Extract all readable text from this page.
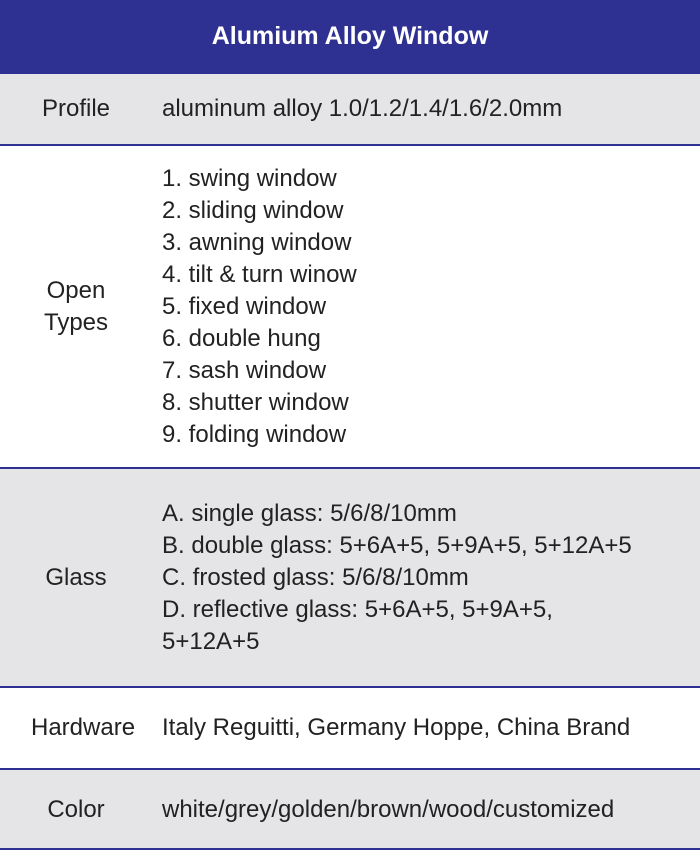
Alumium Alloy Window
Profile	aluminum alloy 1.0/1.2/1.4/1.6/2.0mm
Open Types
1. swing window
2. sliding window
3. awning window
4. tilt & turn winow
5. fixed window
6. double hung
7. sash window
8. shutter window
9. folding window
Glass
A. single glass: 5/6/8/10mm
B. double glass: 5+6A+5, 5+9A+5, 5+12A+5
C. frosted glass: 5/6/8/10mm
D. reflective glass: 5+6A+5, 5+9A+5,
5+12A+5
Hardware Italy Reguitti, Germany Hoppe, China Brand
Color	white/grey/golden/brown/wood/customized
